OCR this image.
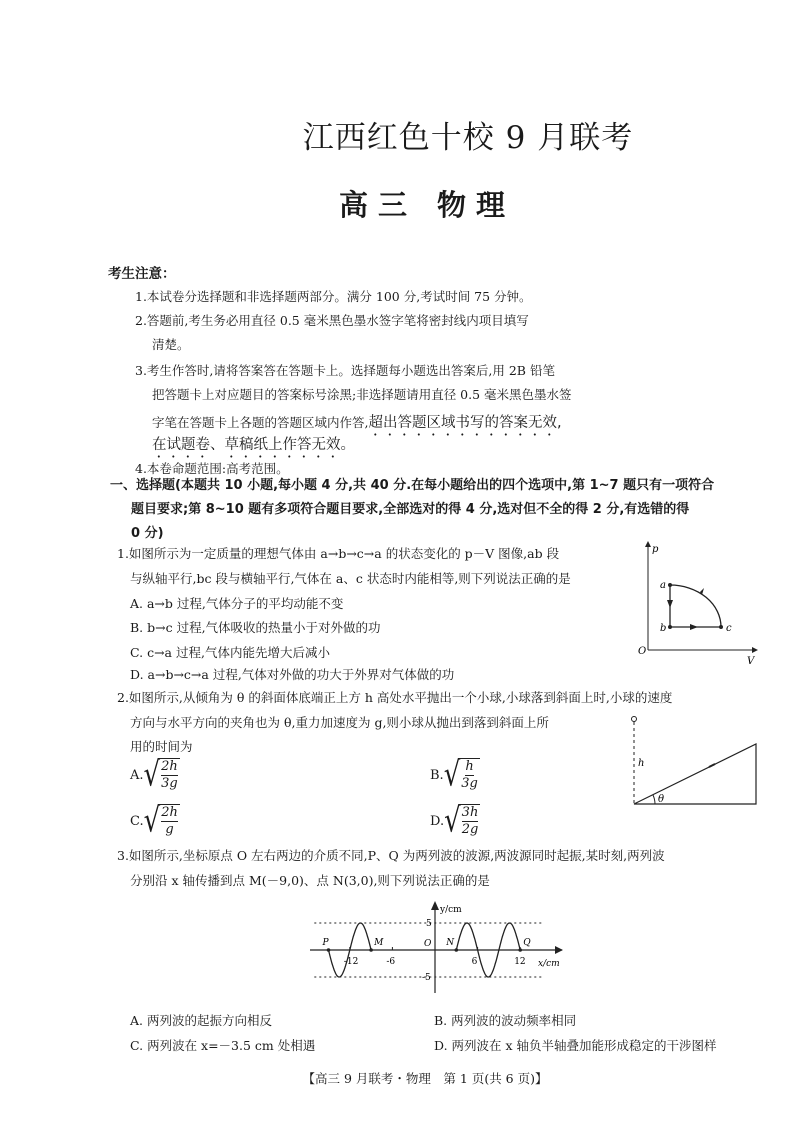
江西红色十校 9 月联考
高三 物理
考生注意：
1.本试卷分选择题和非选择题两部分。满分 100 分,考试时间 75 分钟。
2.答题前,考生务必用直径 0.5 毫米黑色墨水签字笔将密封线内项目填写
清楚。
3.考生作答时,请将答案答在答题卡上。选择题每小题选出答案后,用 2B 铅笔
把答题卡上对应题目的答案标号涂黑;非选择题请用直径 0.5 毫米黑色墨水签
字笔在答题卡上各题的答题区域内作答,超出答题区域书写的答案无效,
在试题卷、草稿纸上作答无效。
4.本卷命题范围:高考范围。
一、选择题(本题共 10 小题,每小题 4 分,共 40 分.在每小题给出的四个选项中,第 1~7 题只有一项符合
题目要求;第 8~10 题有多项符合题目要求,全部选对的得 4 分,选对但不全的得 2 分,有选错的得
0 分)
1.如图所示为一定质量的理想气体由 a→b→c→a 的状态变化的 p－V 图像,ab 段
与纵轴平行,bc 段与横轴平行,气体在 a、c 状态时内能相等,则下列说法正确的是
A. a→b 过程,气体分子的平均动能不变
B. b→c 过程,气体吸收的热量小于对外做的功
C. c→a 过程,气体内能先增大后减小
D. a→b→c→a 过程,气体对外做的功大于外界对气体做的功
p
V
O
a
b	c
2.如图所示,从倾角为 θ 的斜面体底端正上方 h 高处水平抛出一个小球,小球落到斜面上时,小球的速度
方向与水平方向的夹角也为 θ,重力加速度为 g,则小球从抛出到落到斜面上所
用的时间为
A. √ 2h
3g
B. √ h
3g
C. √ 2h
g
D. √ 3h
2g
h
θ
3.如图所示,坐标原点 O 左右两边的介质不同,P、Q 为两列波的波源,两波源同时起振,某时刻,两列波
分别沿 x 轴传播到点 M(－9,0)、点 N(3,0),则下列说法正确的是
y/cm
x/cm
O
-12	-6	6	12
5
-5
P	M	N	Q
A. 两列波的起振方向相反	B. 两列波的波动频率相同
C. 两列波在 x=－3.5 cm 处相遇	D. 两列波在 x 轴负半轴叠加能形成稳定的干涉图样
【高三 9 月联考・物理　第 1 页(共 6 页)】
